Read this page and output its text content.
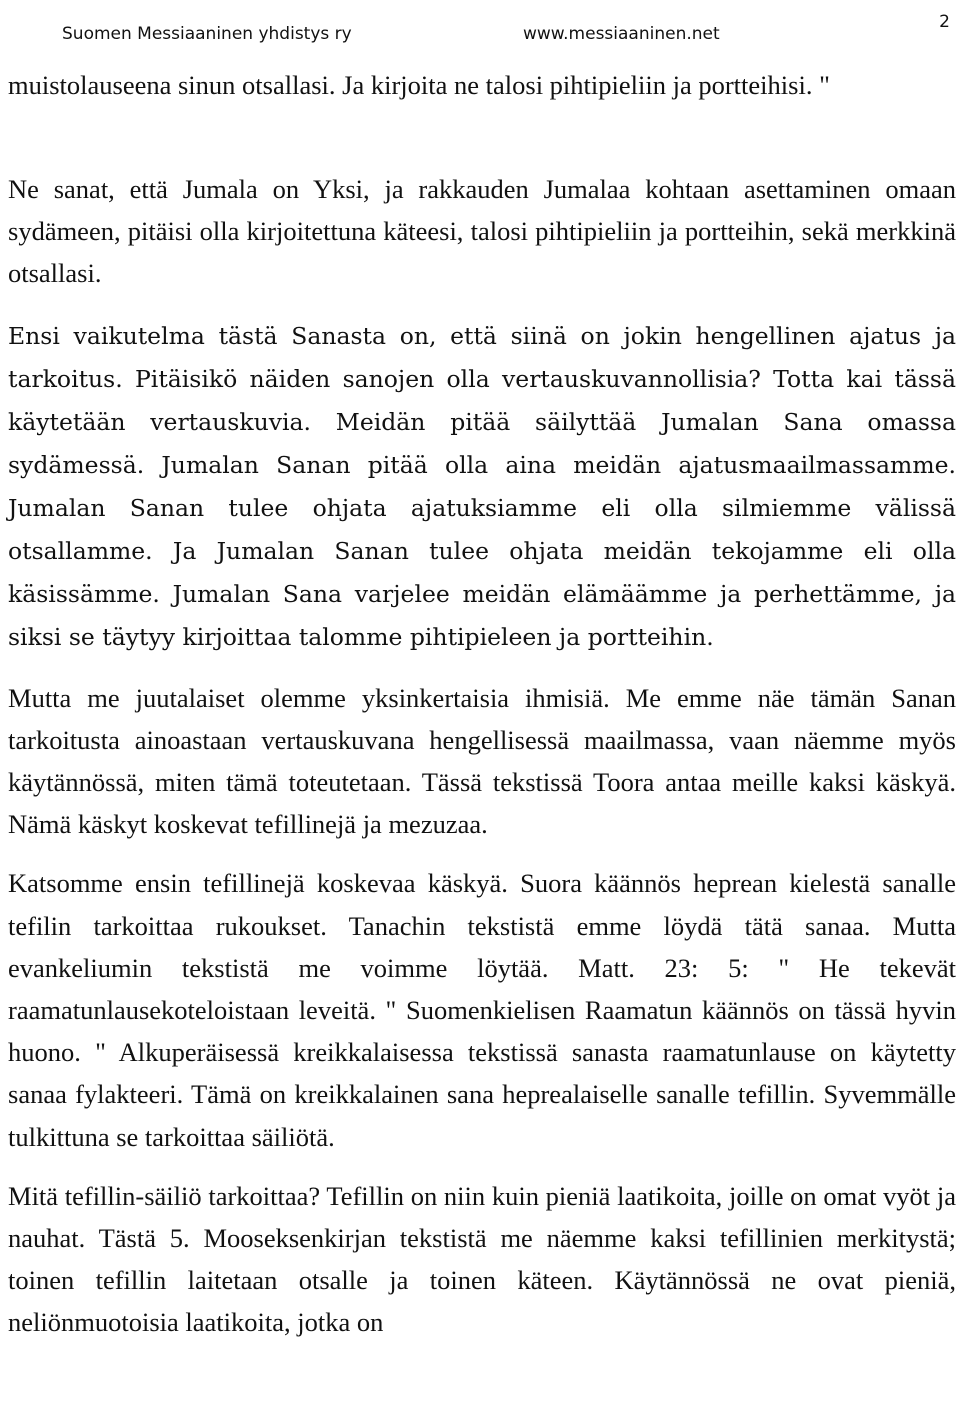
Suomen Messiaaninen yhdistys ry	www.messiaaninen.net
2

muistolauseena sinun otsallasi. Ja kirjoita ne talosi pihtipieliin ja portteihisi. "

Ne sanat, että Jumala on Yksi, ja rakkauden Jumalaa kohtaan asettaminen omaan sydämeen, pitäisi olla kirjoitettuna käteesi, talosi pihtipieliin ja portteihin, sekä merkkinä otsallasi.

Ensi vaikutelma tästä Sanasta on, että siinä on jokin hengellinen ajatus ja tarkoitus. Pitäisikö näiden sanojen olla vertauskuvannollisia? Totta kai tässä käytetään vertauskuvia. Meidän pitää säilyttää Jumalan Sana omassa sydämessä. Jumalan Sanan pitää olla aina meidän ajatusmaailmassamme. Jumalan Sanan tulee ohjata ajatuksiamme eli olla silmiemme välissä otsallamme. Ja Jumalan Sanan tulee ohjata meidän tekojamme eli olla käsissämme. Jumalan Sana varjelee meidän elämäämme ja perhettämme, ja siksi se täytyy kirjoittaa talomme pihtipieleen ja portteihin.

Mutta me juutalaiset olemme yksinkertaisia ihmisiä. Me emme näe tämän Sanan tarkoitusta ainoastaan vertauskuvana hengellisessä maailmassa, vaan näemme myös käytännössä, miten tämä toteutetaan. Tässä tekstissä Toora antaa meille kaksi käskyä. Nämä käskyt koskevat tefillinejä ja mezuzaa.

Katsomme ensin tefillinejä koskevaa käskyä. Suora käännös heprean kielestä sanalle tefilin tarkoittaa rukoukset. Tanachin tekstistä emme löydä tätä sanaa. Mutta evankeliumin tekstistä me voimme löytää. Matt. 23: 5: " He tekevät raamatunlausekoteloistaan leveitä. " Suomenkielisen Raamatun käännös on tässä hyvin huono. " Alkuperäisessä kreikkalaisessa tekstissä sanasta raamatunlause on käytetty sanaa fylakteeri. Tämä on kreikkalainen sana heprealaiselle sanalle tefillin. Syvemmälle tulkittuna se tarkoittaa säiliötä.

Mitä tefillin-säiliö tarkoittaa? Tefillin on niin kuin pieniä laatikoita, joille on omat vyöt ja nauhat. Tästä 5. Mooseksenkirjan tekstistä me näemme kaksi tefillinien merkitystä; toinen tefillin laitetaan otsalle ja toinen käteen. Käytännössä ne ovat pieniä, neliönmuotoisia laatikoita, jotka on
